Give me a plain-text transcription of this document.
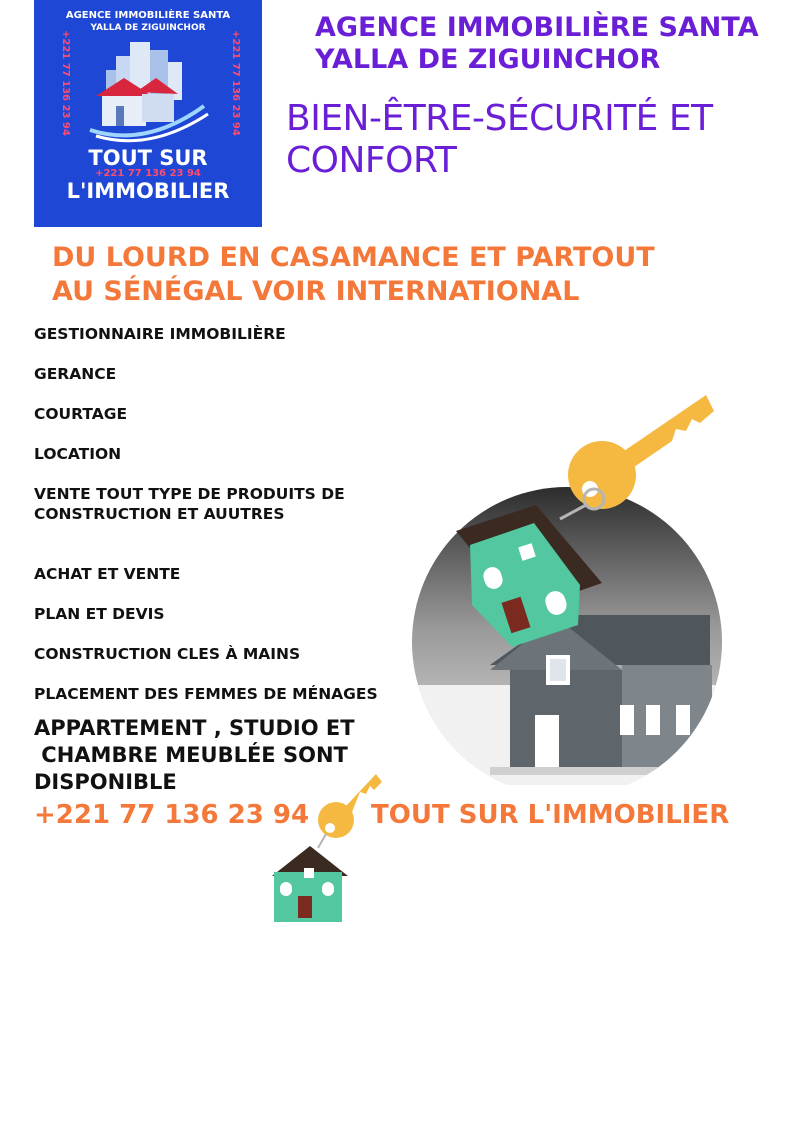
AGENCE IMMOBILIÈRE SANTA
YALLA DE ZIGUINCHOR
+221 77 136 23 94	+221 77 136 23 94
TOUT SUR
+221 77 136 23 94
L'IMMOBILIER
AGENCE IMMOBILIÈRE SANTA
YALLA DE ZIGUINCHOR
BIEN-ÊTRE-SÉCURITÉ ET
CONFORT
DU LOURD EN CASAMANCE ET PARTOUT
AU SÉNÉGAL VOIR INTERNATIONAL
GESTIONNAIRE IMMOBILIÈRE
GERANCE
COURTAGE
LOCATION
VENTE TOUT TYPE DE PRODUITS DE
CONSTRUCTION ET AUUTRES
ACHAT ET VENTE
PLAN ET DEVIS
CONSTRUCTION CLES À MAINS
PLACEMENT DES FEMMES DE MÉNAGES
APPARTEMENT , STUDIO ET
CHAMBRE MEUBLÉE SONT
DISPONIBLE
+221 77 136 23 94 TOUT SUR L'IMMOBILIER
